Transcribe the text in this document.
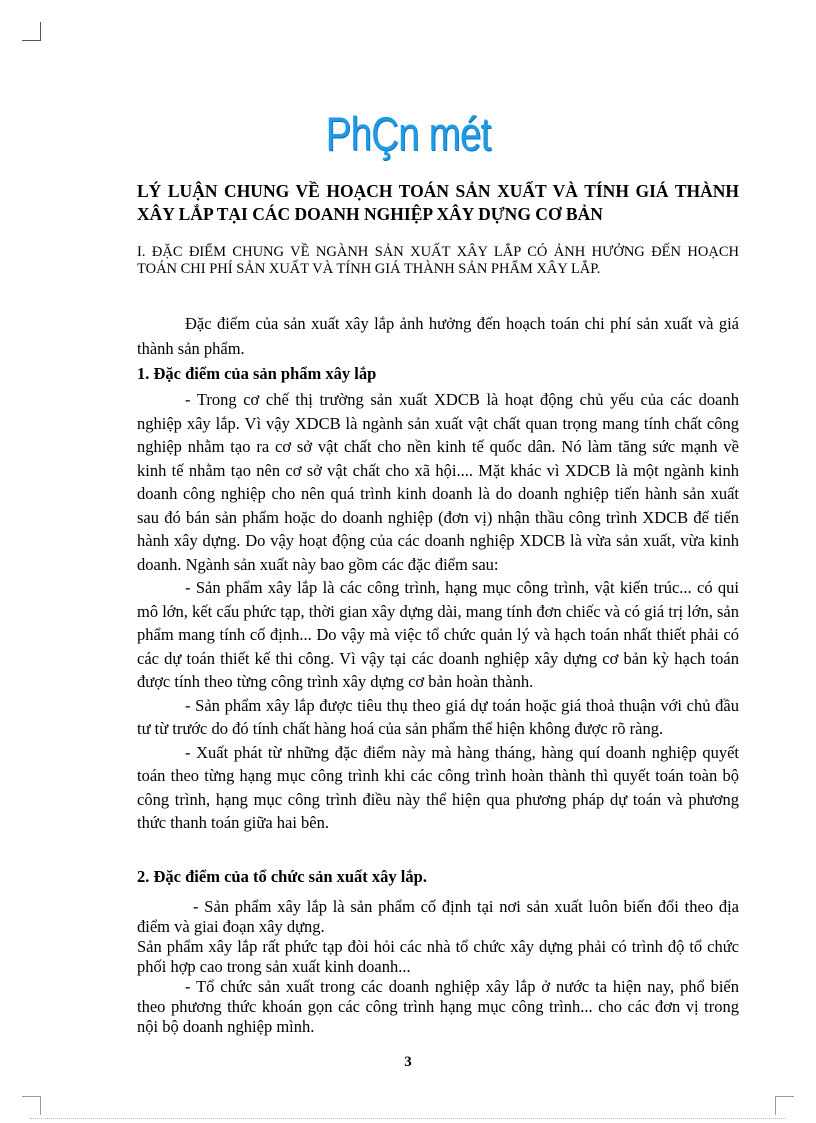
PhÇn mét
LÝ LUẬN CHUNG VỀ HOẠCH TOÁN SẢN XUẤT VÀ TÍNH GIÁ THÀNH XÂY LẮP TẠI CÁC DOANH NGHIỆP XÂY DỰNG CƠ BẢN
I. ĐẶC ĐIỂM CHUNG VỀ NGÀNH SẢN XUẤT XÂY LẮP CÓ ẢNH HƯỞNG ĐẾN HOẠCH TOÁN CHI PHÍ SẢN XUẤT VÀ TÍNH GIÁ THÀNH SẢN PHẨM XÂY LẮP.
Đặc điểm của sản xuất xây lắp ảnh hưởng đến hoạch toán chi phí sản xuất và giá thành sản phẩm.
1. Đặc điểm của sản phẩm xây lắp

- Trong cơ chế thị trường sản xuất XDCB là hoạt động chủ yếu của các doanh nghiệp xây lắp. Vì vậy XDCB là ngành sản xuất vật chất quan trọng mang tính chất công nghiệp nhằm tạo ra cơ sở vật chất cho nền kinh tế quốc dân. Nó làm tăng sức mạnh về kinh tế nhằm tạo nên cơ sở vật chất cho xã hội.... Mặt khác vì XDCB là một ngành kinh doanh công nghiệp cho nên quá trình kinh doanh là do doanh nghiệp tiến hành sản xuất sau đó bán sản phẩm hoặc do doanh nghiệp (đơn vị) nhận thầu công trình XDCB để tiến hành xây dựng. Do vậy hoạt động của các doanh nghiệp XDCB là vừa sản xuất, vừa kinh doanh. Ngành sản xuất này bao gồm các đặc điểm sau:

- Sản phẩm xây lắp là các công trình, hạng mục công trình, vật kiến trúc... có qui mô lớn, kết cấu phức tạp, thời gian xây dựng dài, mang tính đơn chiếc và có giá trị lớn, sản phẩm mang tính cố định... Do vậy mà việc tổ chức quản lý và hạch toán nhất thiết phải có các dự toán thiết kế thi công. Vì vậy tại các doanh nghiệp xây dựng cơ bản kỳ hạch toán được tính theo từng công trình xây dựng cơ bản hoàn thành.

- Sản phẩm xây lắp được tiêu thụ theo giá dự toán hoặc giá thoả thuận với chủ đầu tư từ trước do đó tính chất hàng hoá của sản phẩm thể hiện không được rõ ràng.

- Xuất phát từ những đặc điểm này mà hàng tháng, hàng quí doanh nghiệp quyết toán theo từng hạng mục công trình khi các công trình hoàn thành thì quyết toán toàn bộ công trình, hạng mục công trình điều này thể hiện qua phương pháp dự toán và phương thức thanh toán giữa hai bên.

2. Đặc điểm của tổ chức sản xuất xây lắp.

- Sản phẩm xây lắp là sản phẩm cố định tại nơi sản xuất luôn biến đổi theo địa điểm và giai đoạn xây dựng.

Sản phẩm xây lắp rất phức tạp đòi hỏi các nhà tổ chức xây dựng phải có trình độ tổ chức phối hợp cao trong sản xuất kinh doanh...

- Tổ chức sản xuất trong các doanh nghiệp xây lắp ở nước ta hiện nay, phổ biến theo phương thức khoán gọn các công trình hạng mục công trình... cho các đơn vị trong nội bộ doanh nghiệp mình.

3
